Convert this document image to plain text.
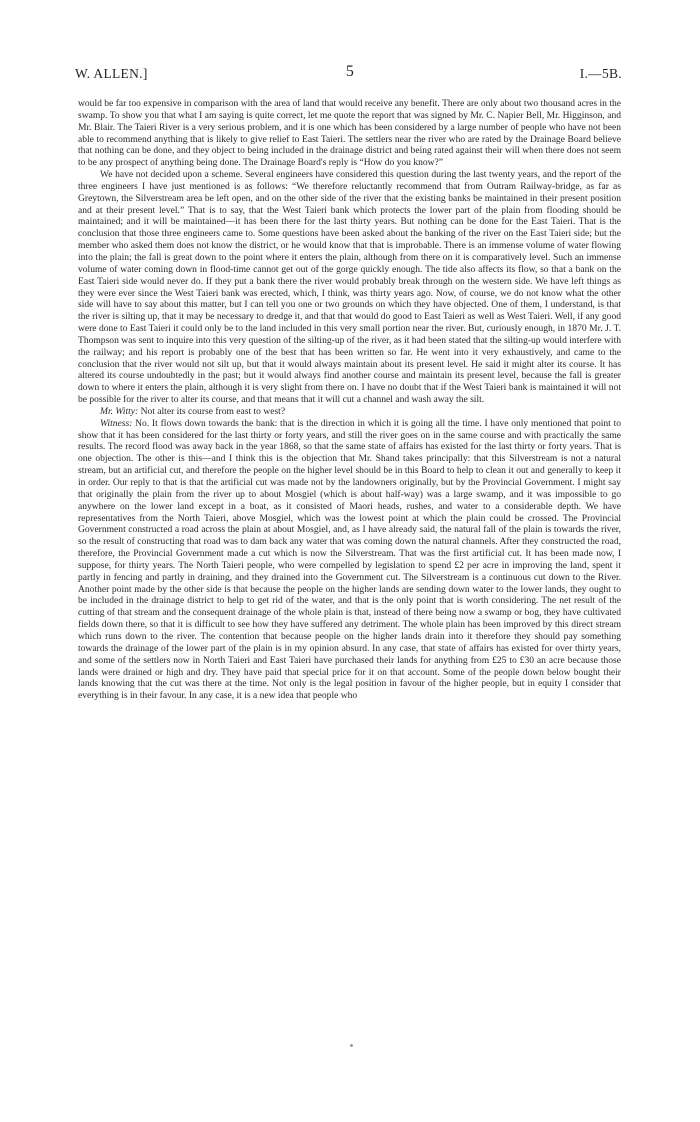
W. ALLEN.]	5	I.—5B.

would be far too expensive in comparison with the area of land that would receive any benefit. There are only about two thousand acres in the swamp. To show you that what I am saying is quite correct, let me quote the report that was signed by Mr. C. Napier Bell, Mr. Higginson, and Mr. Blair. The Taieri River is a very serious problem, and it is one which has been considered by a large number of people who have not been able to recommend anything that is likely to give relief to East Taieri. The settlers near the river who are rated by the Drainage Board believe that nothing can be done, and they object to being included in the drainage district and being rated against their will when there does not seem to be any prospect of anything being done. The Drainage Board's reply is “How do you know?”

We have not decided upon a scheme. Several engineers have considered this question during the last twenty years, and the report of the three engineers I have just mentioned is as follows: “We therefore reluctantly recommend that from Outram Railway-bridge, as far as Greytown, the Silverstream area be left open, and on the other side of the river that the existing banks be maintained in their present position and at their present level.” That is to say, that the West Taieri bank which protects the lower part of the plain from flooding should be maintained; and it will be maintained—it has been there for the last thirty years. But nothing can be done for the East Taieri. That is the conclusion that those three engineers came to. Some questions have been asked about the banking of the river on the East Taieri side; but the member who asked them does not know the district, or he would know that that is improbable. There is an immense volume of water flowing into the plain; the fall is great down to the point where it enters the plain, although from there on it is comparatively level. Such an immense volume of water coming down in flood-time cannot get out of the gorge quickly enough. The tide also affects its flow, so that a bank on the East Taieri side would never do. If they put a bank there the river would probably break through on the western side. We have left things as they were ever since the West Taieri bank was erected, which, I think, was thirty years ago. Now, of course, we do not know what the other side will have to say about this matter, but I can tell you one or two grounds on which they have objected. One of them, I understand, is that the river is silting up, that it may be necessary to dredge it, and that that would do good to East Taieri as well as West Taieri. Well, if any good were done to East Taieri it could only be to the land included in this very small portion near the river. But, curiously enough, in 1870 Mr. J. T. Thompson was sent to inquire into this very question of the silting-up of the river, as it had been stated that the silting-up would interfere with the railway; and his report is probably one of the best that has been written so far. He went into it very exhaustively, and came to the conclusion that the river would not silt up, but that it would always maintain about its present level. He said it might alter its course. It has altered its course undoubtedly in the past; but it would always find another course and maintain its present level, because the fall is greater down to where it enters the plain, although it is very slight from there on. I have no doubt that if the West Taieri bank is maintained it will not be possible for the river to alter its course, and that means that it will cut a channel and wash away the silt.

Mr. Witty: Not alter its course from east to west?

Witness: No. It flows down towards the bank: that is the direction in which it is going all the time. I have only mentioned that point to show that it has been considered for the last thirty or forty years, and still the river goes on in the same course and with practically the same results. The record flood was away back in the year 1868, so that the same state of affairs has existed for the last thirty or forty years. That is one objection. The other is this—and I think this is the objection that Mr. Shand takes principally: that this Silverstream is not a natural stream, but an artificial cut, and therefore the people on the higher level should be in this Board to help to clean it out and generally to keep it in order. Our reply to that is that the artificial cut was made not by the landowners originally, but by the Provincial Government. I might say that originally the plain from the river up to about Mosgiel (which is about half-way) was a large swamp, and it was impossible to go anywhere on the lower land except in a boat, as it consisted of Maori heads, rushes, and water to a considerable depth. We have representatives from the North Taieri, above Mosgiel, which was the lowest point at which the plain could be crossed. The Provincial Government constructed a road across the plain at about Mosgiel, and, as I have already said, the natural fall of the plain is towards the river, so the result of constructing that road was to dam back any water that was coming down the natural channels. After they constructed the road, therefore, the Provincial Government made a cut which is now the Silverstream. That was the first artificial cut. It has been made now, I suppose, for thirty years. The North Taieri people, who were compelled by legislation to spend £2 per acre in improving the land, spent it partly in fencing and partly in draining, and they drained into the Government cut. The Silverstream is a continuous cut down to the River. Another point made by the other side is that because the people on the higher lands are sending down water to the lower lands, they ought to be included in the drainage district to help to get rid of the water, and that is the only point that is worth considering. The net result of the cutting of that stream and the consequent drainage of the whole plain is that, instead of there being now a swamp or bog, they have cultivated fields down there, so that it is difficult to see how they have suffered any detriment. The whole plain has been improved by this direct stream which runs down to the river. The contention that because people on the higher lands drain into it therefore they should pay something towards the drainage of the lower part of the plain is in my opinion absurd. In any case, that state of affairs has existed for over thirty years, and some of the settlers now in North Taieri and East Taieri have purchased their lands for anything from £25 to £30 an acre because those lands were drained or high and dry. They have paid that special price for it on that account. Some of the people down below bought their lands knowing that the cut was there at the time. Not only is the legal position in favour of the higher people, but in equity I consider that everything is in their favour. In any case, it is a new idea that people who
